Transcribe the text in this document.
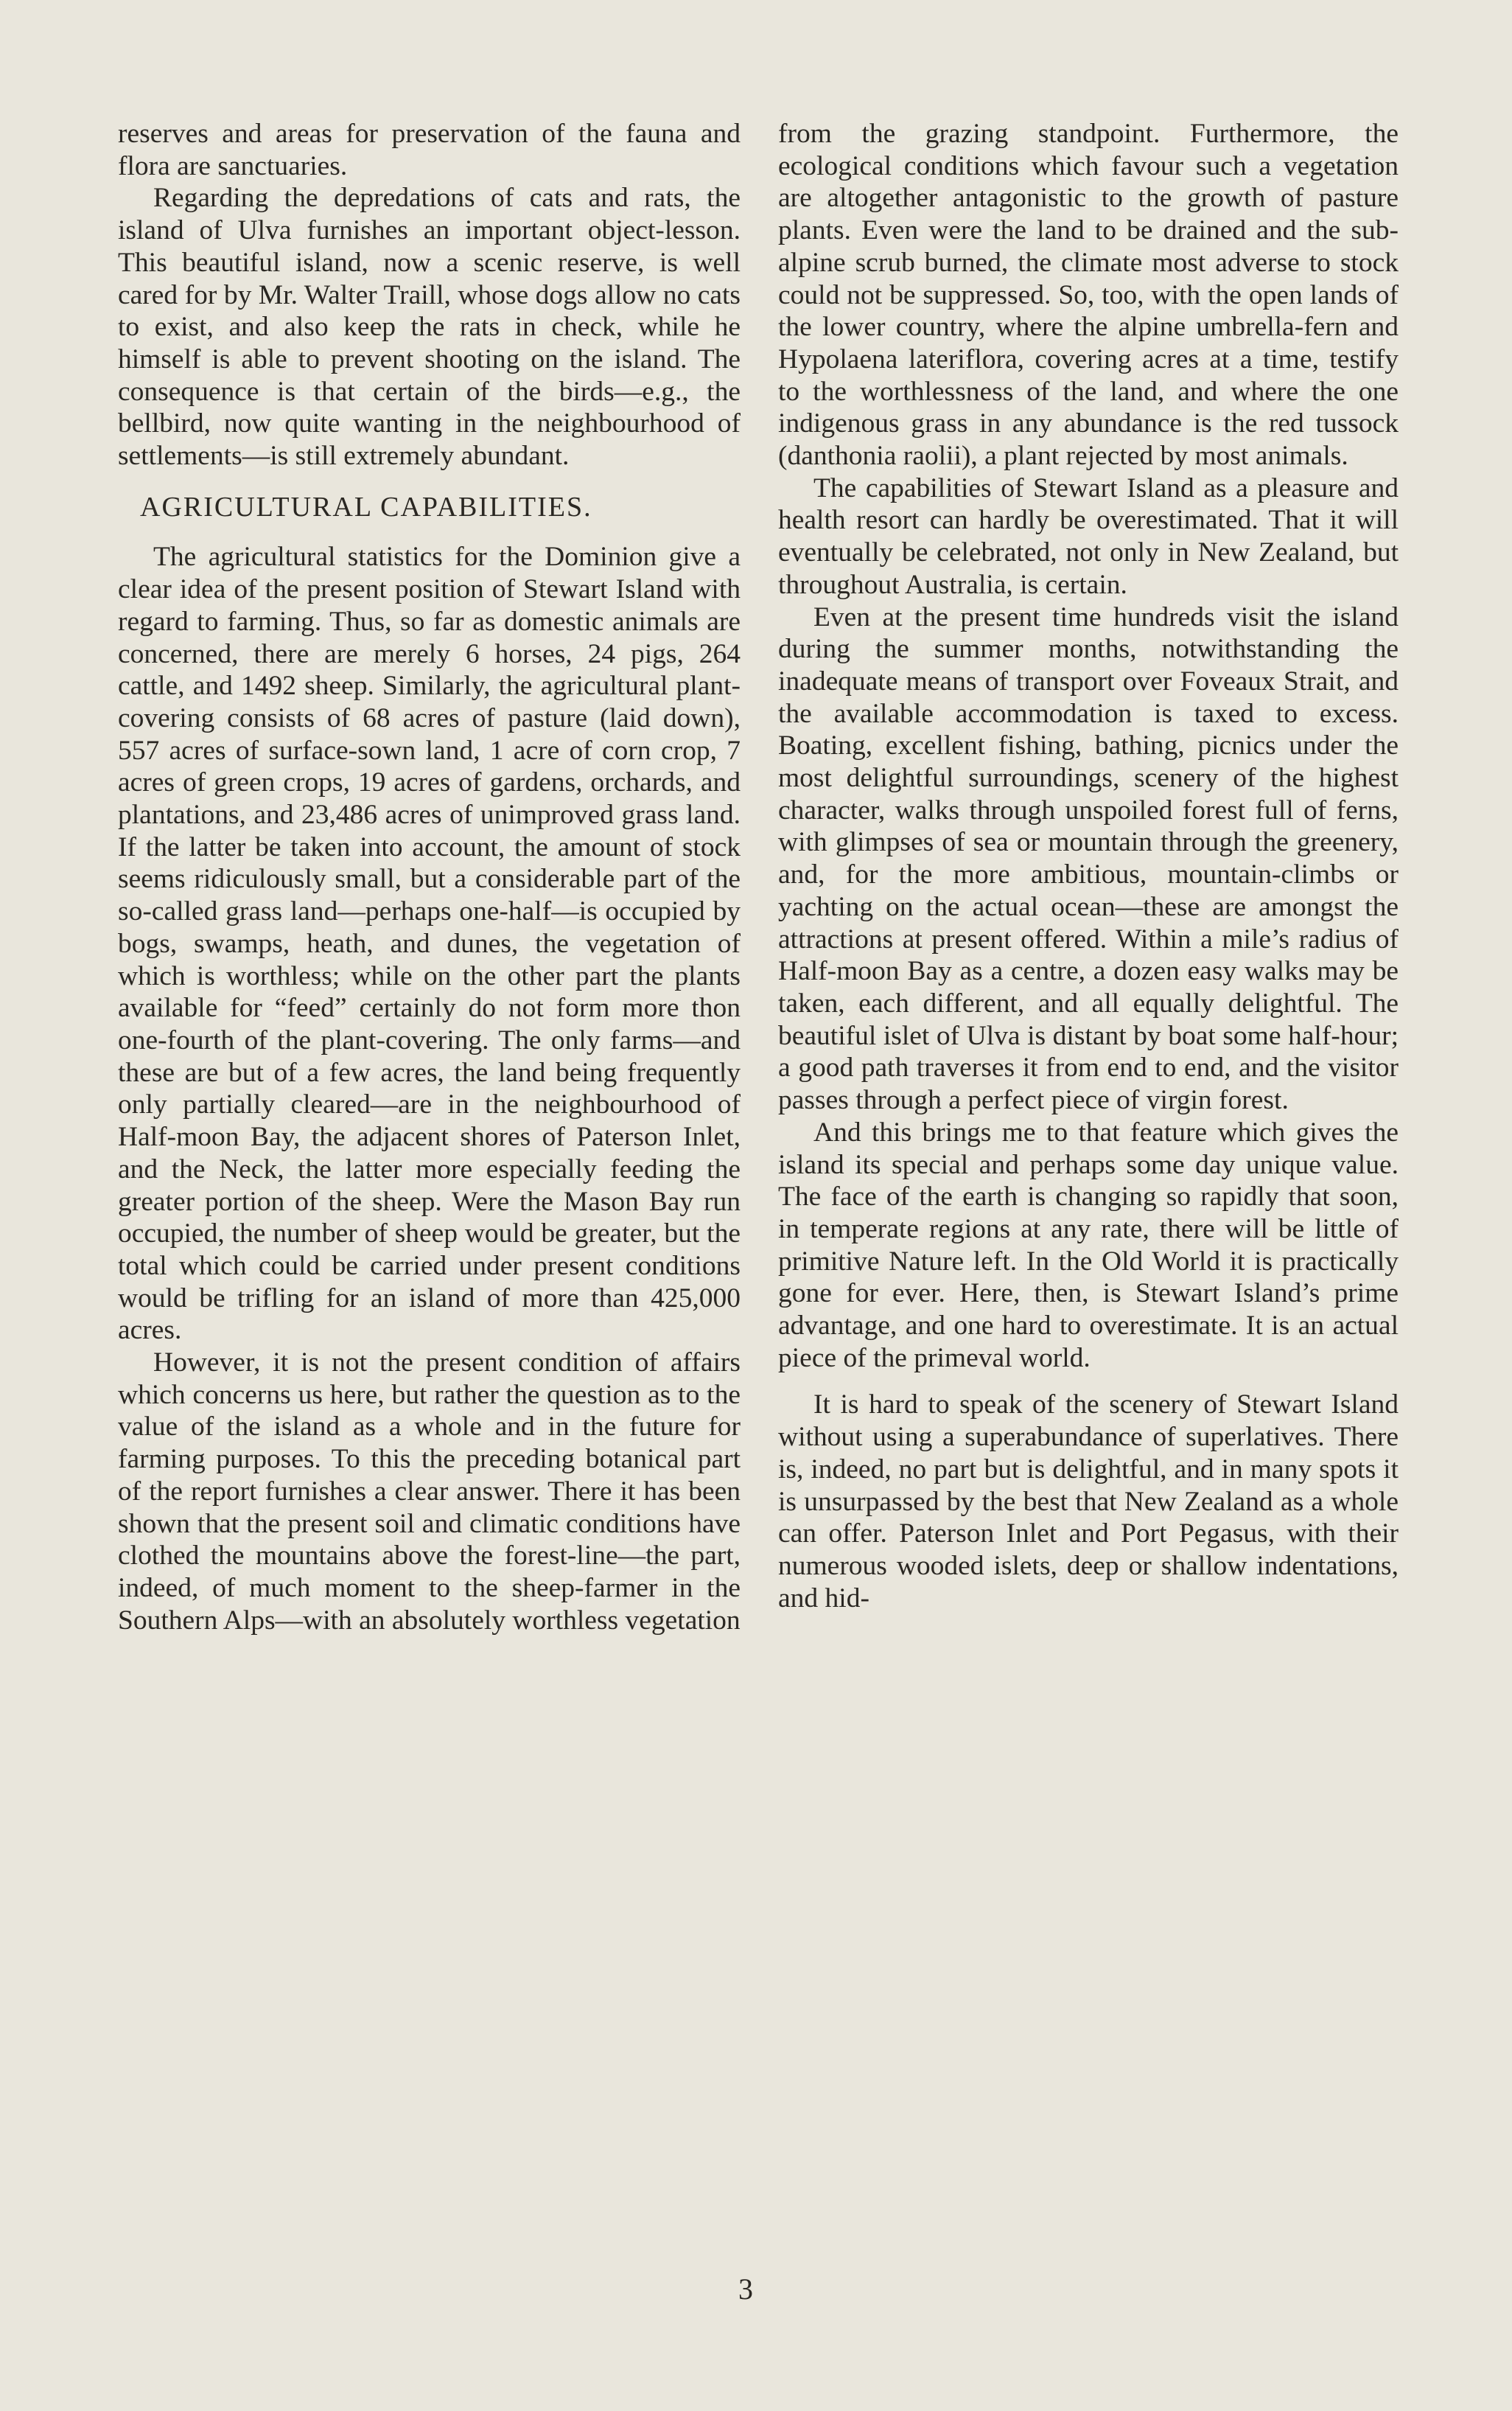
reserves and areas for preservation of the fauna and flora are sanctuaries.

Regarding the depredations of cats and rats, the island of Ulva furnishes an important object-lesson. This beautiful island, now a scenic reserve, is well cared for by Mr. Walter Traill, whose dogs allow no cats to exist, and also keep the rats in check, while he himself is able to prevent shooting on the island. The consequence is that certain of the birds—e.g., the bellbird, now quite wanting in the neighbourhood of settlements—is still extremely abundant.

AGRICULTURAL CAPABILITIES.

The agricultural statistics for the Dominion give a clear idea of the present position of Stewart Island with regard to farming. Thus, so far as domestic animals are concerned, there are merely 6 horses, 24 pigs, 264 cattle, and 1492 sheep. Similarly, the agricultural plant-covering consists of 68 acres of pasture (laid down), 557 acres of surface-sown land, 1 acre of corn crop, 7 acres of green crops, 19 acres of gardens, orchards, and plantations, and 23,486 acres of unimproved grass land. If the latter be taken into account, the amount of stock seems ridiculously small, but a considerable part of the so-called grass land—perhaps one-half—is occupied by bogs, swamps, heath, and dunes, the vegetation of which is worthless; while on the other part the plants available for “feed” certainly do not form more thon one-fourth of the plant-covering. The only farms—and these are but of a few acres, the land being frequently only partially cleared—are in the neighbourhood of Half-moon Bay, the adjacent shores of Paterson Inlet, and the Neck, the latter more especially feeding the greater portion of the sheep. Were the Mason Bay run occupied, the number of sheep would be greater, but the total which could be carried under present conditions would be trifling for an island of more than 425,000 acres.

However, it is not the present condition of affairs which concerns us here, but rather the question as to the value of the island as a whole and in the future for farming purposes. To this the preceding botanical part of the report furnishes a clear answer. There it has been shown that the present soil and climatic conditions have clothed the mountains above the forest-line—the part, indeed, of much moment to the sheep-farmer in the Southern Alps—with an absolutely worthless vegetation

from the grazing standpoint. Furthermore, the ecological conditions which favour such a vegetation are altogether antagonistic to the growth of pasture plants. Even were the land to be drained and the sub-alpine scrub burned, the climate most adverse to stock could not be suppressed. So, too, with the open lands of the lower country, where the alpine umbrella-fern and Hypolaena lateriflora, covering acres at a time, testify to the worthlessness of the land, and where the one indigenous grass in any abundance is the red tussock (danthonia raolii), a plant rejected by most animals.

The capabilities of Stewart Island as a pleasure and health resort can hardly be overestimated. That it will eventually be celebrated, not only in New Zealand, but throughout Australia, is certain.

Even at the present time hundreds visit the island during the summer months, notwithstanding the inadequate means of transport over Foveaux Strait, and the available accommodation is taxed to excess. Boating, excellent fishing, bathing, picnics under the most delightful surroundings, scenery of the highest character, walks through unspoiled forest full of ferns, with glimpses of sea or mountain through the greenery, and, for the more ambitious, mountain-climbs or yachting on the actual ocean—these are amongst the attractions at present offered. Within a mile’s radius of Half-moon Bay as a centre, a dozen easy walks may be taken, each different, and all equally delightful. The beautiful islet of Ulva is distant by boat some half-hour; a good path traverses it from end to end, and the visitor passes through a perfect piece of virgin forest.

And this brings me to that feature which gives the island its special and perhaps some day unique value. The face of the earth is changing so rapidly that soon, in temperate regions at any rate, there will be little of primitive Nature left. In the Old World it is practically gone for ever. Here, then, is Stewart Island’s prime advantage, and one hard to overestimate. It is an actual piece of the primeval world.

It is hard to speak of the scenery of Stewart Island without using a superabundance of superlatives. There is, indeed, no part but is delightful, and in many spots it is unsurpassed by the best that New Zealand as a whole can offer. Paterson Inlet and Port Pegasus, with their numerous wooded islets, deep or shallow indentations, and hid-

3
